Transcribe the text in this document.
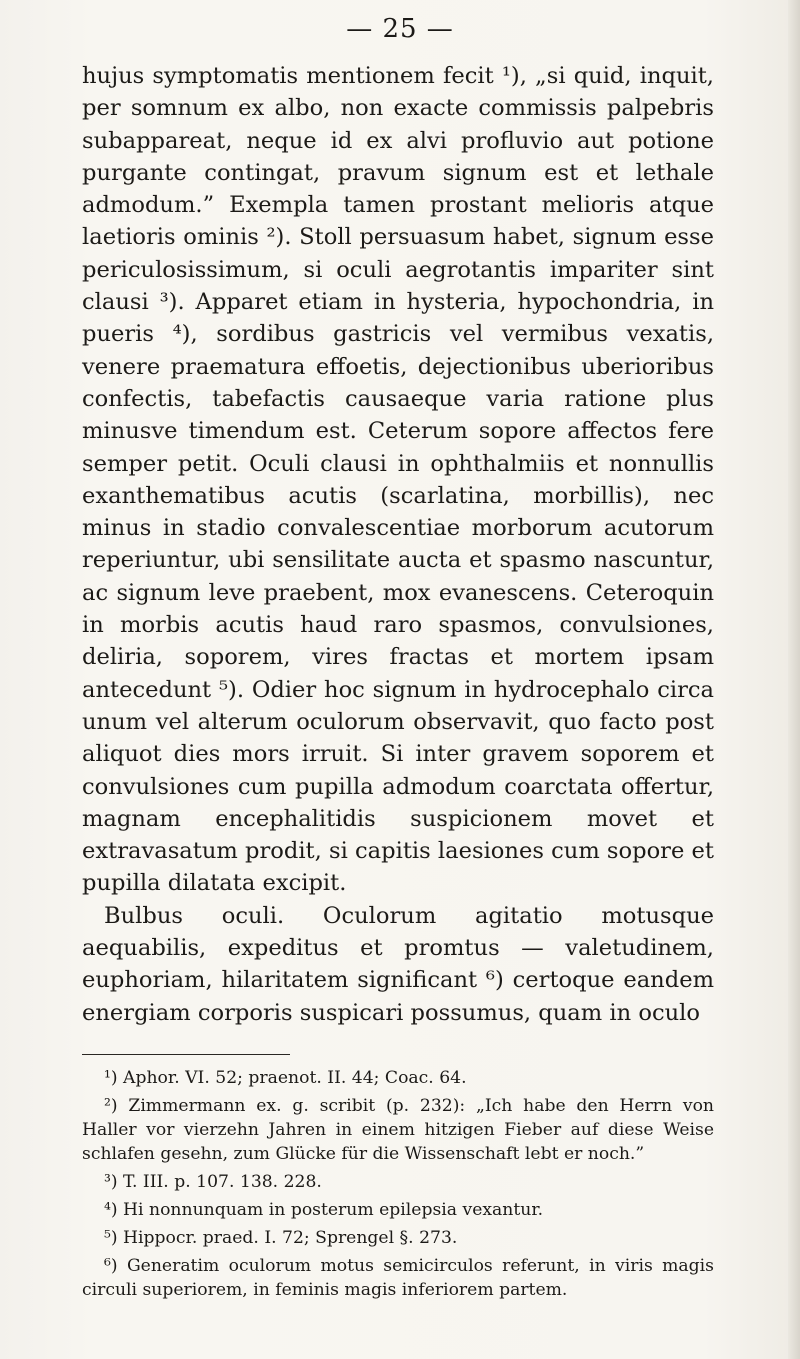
— 25 —

hujus symptomatis mentionem fecit ¹), „si quid, inquit, per somnum ex albo, non exacte commissis palpebris subappareat, neque id ex alvi profluvio aut potione purgante contingat, pravum signum est et lethale admodum.” Exempla tamen prostant melioris atque laetioris ominis ²). Stoll persuasum habet, signum esse periculosissimum, si oculi aegrotantis impariter sint clausi ³). Apparet etiam in hysteria, hypochondria, in pueris ⁴), sordibus gastricis vel vermibus vexatis, venere praematura effoetis, dejectionibus uberioribus confectis, tabefactis causaeque varia ratione plus minusve timendum est. Ceterum sopore affectos fere semper petit. Oculi clausi in ophthalmiis et nonnullis exanthematibus acutis (scarlatina, morbillis), nec minus in stadio convalescentiae morborum acutorum reperiuntur, ubi sensilitate aucta et spasmo nascuntur, ac signum leve praebent, mox evanescens. Ceteroquin in morbis acutis haud raro spasmos, convulsiones, deliria, soporem, vires fractas et mortem ipsam antecedunt ⁵). Odier hoc signum in hydrocephalo circa unum vel alterum oculorum observavit, quo facto post aliquot dies mors irruit. Si inter gravem soporem et convulsiones cum pupilla admodum coarctata offertur, magnam encephalitidis suspicionem movet et extravasatum prodit, si capitis laesiones cum sopore et pupilla dilatata excipit.

Bulbus oculi. Oculorum agitatio motusque aequabilis, expeditus et promtus — valetudinem, euphoriam, hilaritatem significant ⁶) certoque eandem energiam corporis suspicari possumus, quam in oculo

¹) Aphor. VI. 52; praenot. II. 44; Coac. 64.

²) Zimmermann ex. g. scribit (p. 232): „Ich habe den Herrn von Haller vor vierzehn Jahren in einem hitzigen Fieber auf diese Weise schlafen gesehn, zum Glücke für die Wissenschaft lebt er noch.”

³) T. III. p. 107. 138. 228.

⁴) Hi nonnunquam in posterum epilepsia vexantur.

⁵) Hippocr. praed. I. 72; Sprengel §. 273.

⁶) Generatim oculorum motus semicirculos referunt, in viris magis circuli superiorem, in feminis magis inferiorem partem.
